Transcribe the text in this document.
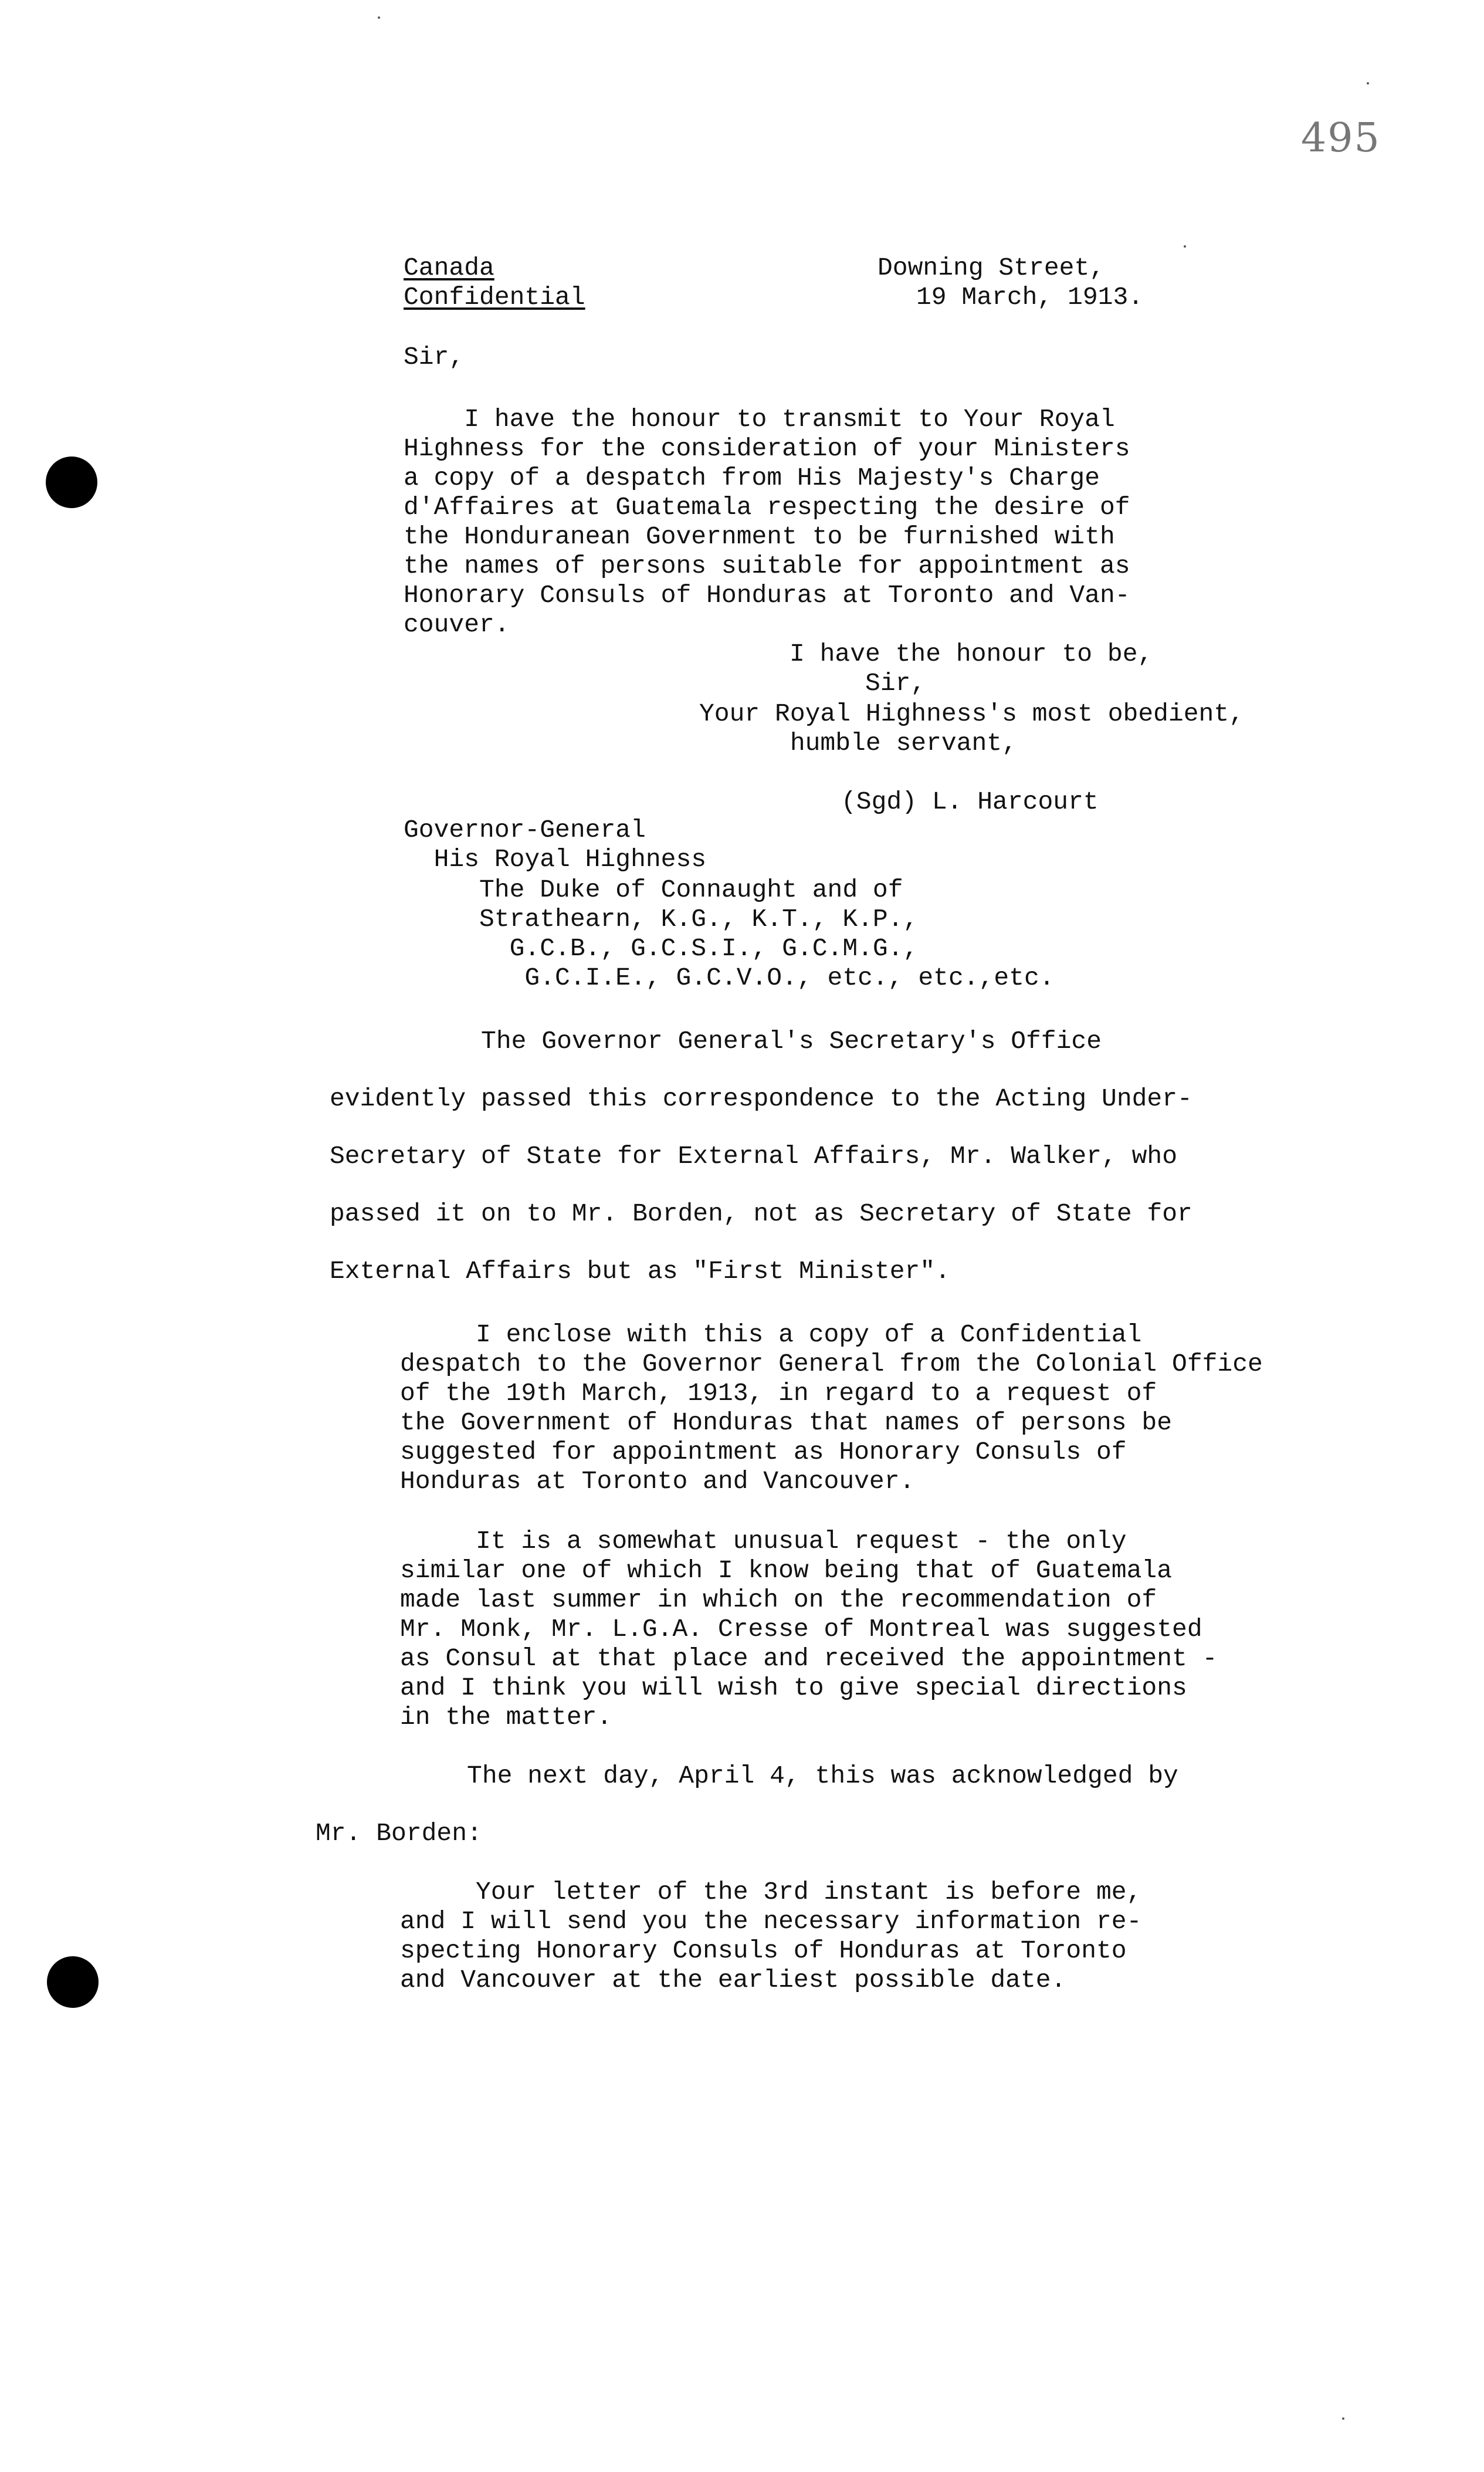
495
Canada
Confidential
Downing Street,
19 March, 1913.
Sir,
I have the honour to transmit to Your Royal
Highness for the consideration of your Ministers
a copy of a despatch from His Majesty's Charge
d'Affaires at Guatemala respecting the desire of
the Honduranean Government to be furnished with
the names of persons suitable for appointment as
Honorary Consuls of Honduras at Toronto and Van-
couver.
I have the honour to be,
Sir,
Your Royal Highness's most obedient,
humble servant,
(Sgd) L. Harcourt
Governor-General
His Royal Highness
The Duke of Connaught and of
Strathearn, K.G., K.T., K.P.,
G.C.B., G.C.S.I., G.C.M.G.,
G.C.I.E., G.C.V.O., etc., etc.,etc.
The Governor General's Secretary's Office
evidently passed this correspondence to the Acting Under-
Secretary of State for External Affairs, Mr. Walker, who
passed it on to Mr. Borden, not as Secretary of State for
External Affairs but as "First Minister".
I enclose with this a copy of a Confidential
despatch to the Governor General from the Colonial Office
of the 19th March, 1913, in regard to a request of
the Government of Honduras that names of persons be
suggested for appointment as Honorary Consuls of
Honduras at Toronto and Vancouver.
It is a somewhat unusual request - the only
similar one of which I know being that of Guatemala
made last summer in which on the recommendation of
Mr. Monk, Mr. L.G.A. Cresse of Montreal was suggested
as Consul at that place and received the appointment -
and I think you will wish to give special directions
in the matter.
The next day, April 4, this was acknowledged by
Mr. Borden:
Your letter of the 3rd instant is before me,
and I will send you the necessary information re-
specting Honorary Consuls of Honduras at Toronto
and Vancouver at the earliest possible date.
